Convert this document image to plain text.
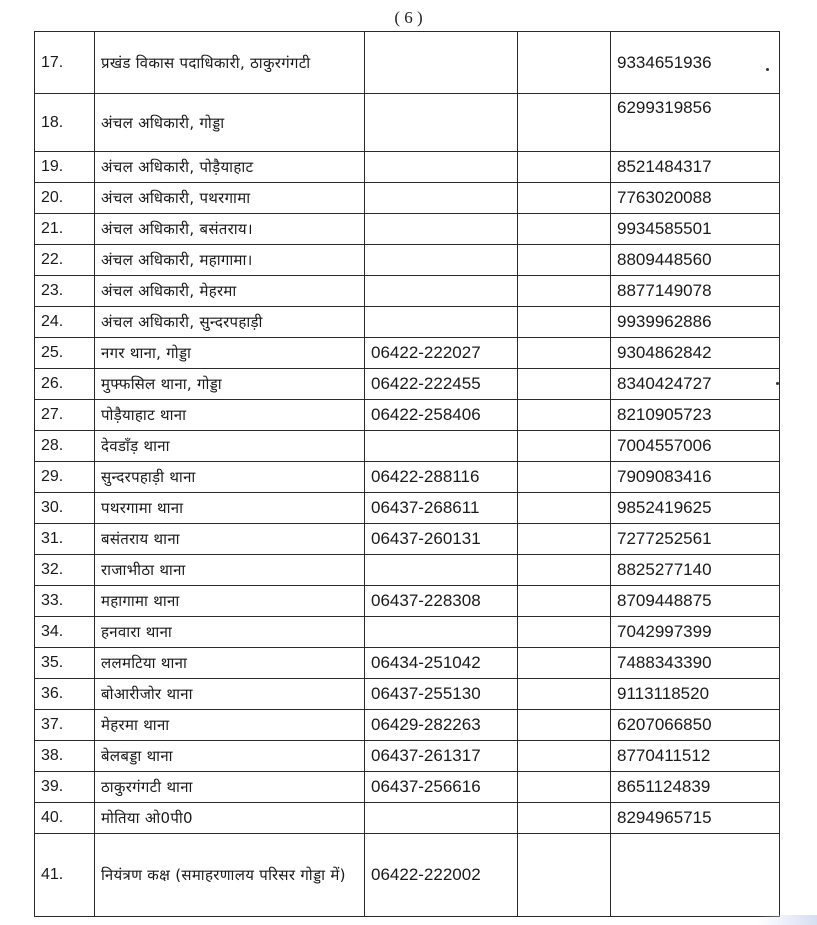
( 6 )
17.	प्रखंड विकास पदाधिकारी, ठाकुरगंगटी			9334651936
18.	अंचल अधिकारी, गोड्डा			6299319856
19.	अंचल अधिकारी, पोड़ैयाहाट			8521484317
20.	अंचल अधिकारी, पथरगामा			7763020088
21.	अंचल अधिकारी, बसंतराय।			9934585501
22.	अंचल अधिकारी, महागामा।			8809448560
23.	अंचल अधिकारी, मेहरमा			8877149078
24.	अंचल अधिकारी, सुन्दरपहाड़ी			9939962886
25.	नगर थाना, गोड्डा	06422-222027		9304862842
26.	मुफ्फसिल थाना, गोड्डा	06422-222455		8340424727
27.	पोड़ैयाहाट थाना	06422-258406		8210905723
28.	देवडाँड़ थाना			7004557006
29.	सुन्दरपहाड़ी थाना	06422-288116		7909083416
30.	पथरगामा थाना	06437-268611		9852419625
31.	बसंतराय थाना	06437-260131		7277252561
32.	राजाभीठा थाना			8825277140
33.	महागामा थाना	06437-228308		8709448875
34.	हनवारा थाना			7042997399
35.	ललमटिया थाना	06434-251042		7488343390
36.	बोआरीजोर थाना	06437-255130		9113118520
37.	मेहरमा थाना	06429-282263		6207066850
38.	बेलबड्डा थाना	06437-261317		8770411512
39.	ठाकुरगंगटी थाना	06437-256616		8651124839
40.	मोतिया ओ0पी0			8294965715
41.	नियंत्रण कक्ष (समाहरणालय परिसर गोड्डा में)	06422-222002		
